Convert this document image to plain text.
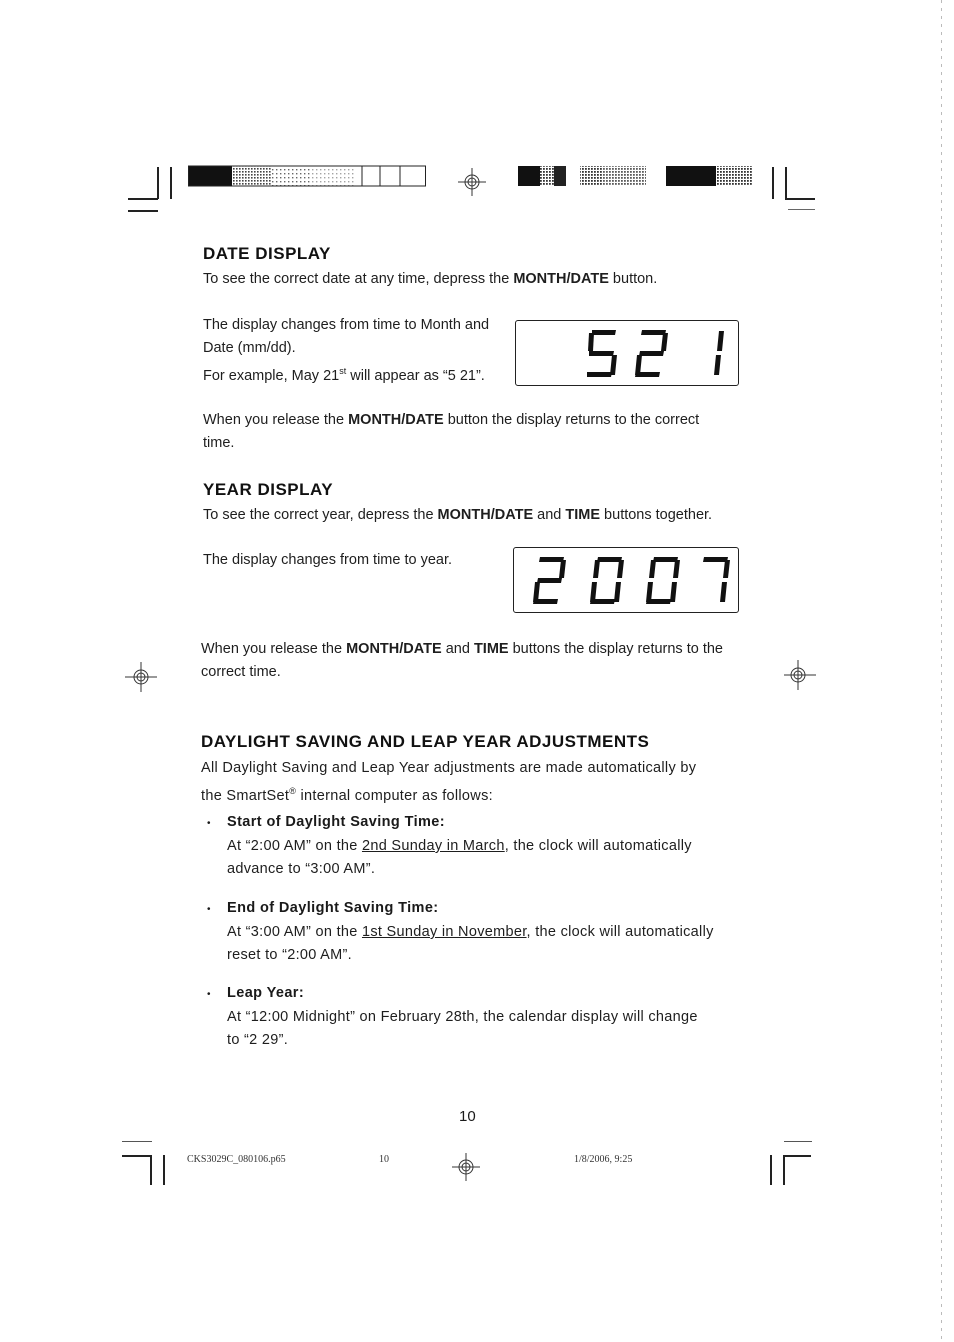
DATE DISPLAY
To see the correct date at any time, depress the MONTH/DATE button.
The display changes from time to Month and
Date (mm/dd).
For example, May 21st will appear as “5 21”.
When you release the MONTH/DATE button the display returns to the correct
time.
YEAR DISPLAY
To see the correct year, depress the MONTH/DATE and TIME buttons together.
The display changes from time to year.
When you release the MONTH/DATE and TIME buttons the display returns to the
correct time.
DAYLIGHT SAVING AND LEAP YEAR ADJUSTMENTS
All Daylight Saving and Leap Year adjustments are made automatically by
the SmartSet® internal computer as follows:
• Start of Daylight Saving Time:
At “2:00 AM” on the 2nd Sunday in March, the clock will automatically
advance to “3:00 AM”.
• End of Daylight Saving Time:
At “3:00 AM” on the 1st Sunday in November, the clock will automatically
reset to “2:00 AM”.
• Leap Year:
At “12:00 Midnight” on February 28th, the calendar display will change
to “2 29”.
10
CKS3029C_080106.p65	10	1/8/2006, 9:25
